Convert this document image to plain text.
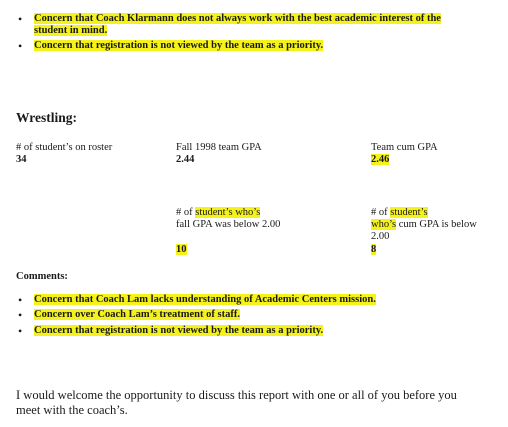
• Concern that Coach Klarmann does not always work with the best academic interest of the
student in mind.
• Concern that registration is not viewed by the team as a priority.
Wrestling:
# of student’s on roster
34
Fall 1998 team GPA
2.44
Team cum GPA
2.46
# of student’s who’s
fall GPA was below 2.00
10
# of student’s
who’s cum GPA is below
2.00
8
Comments:
• Concern that Coach Lam lacks understanding of Academic Centers mission.
• Concern over Coach Lam’s treatment of staff.
• Concern that registration is not viewed by the team as a priority.
I would welcome the opportunity to discuss this report with one or all of you before you
meet with the coach’s.
